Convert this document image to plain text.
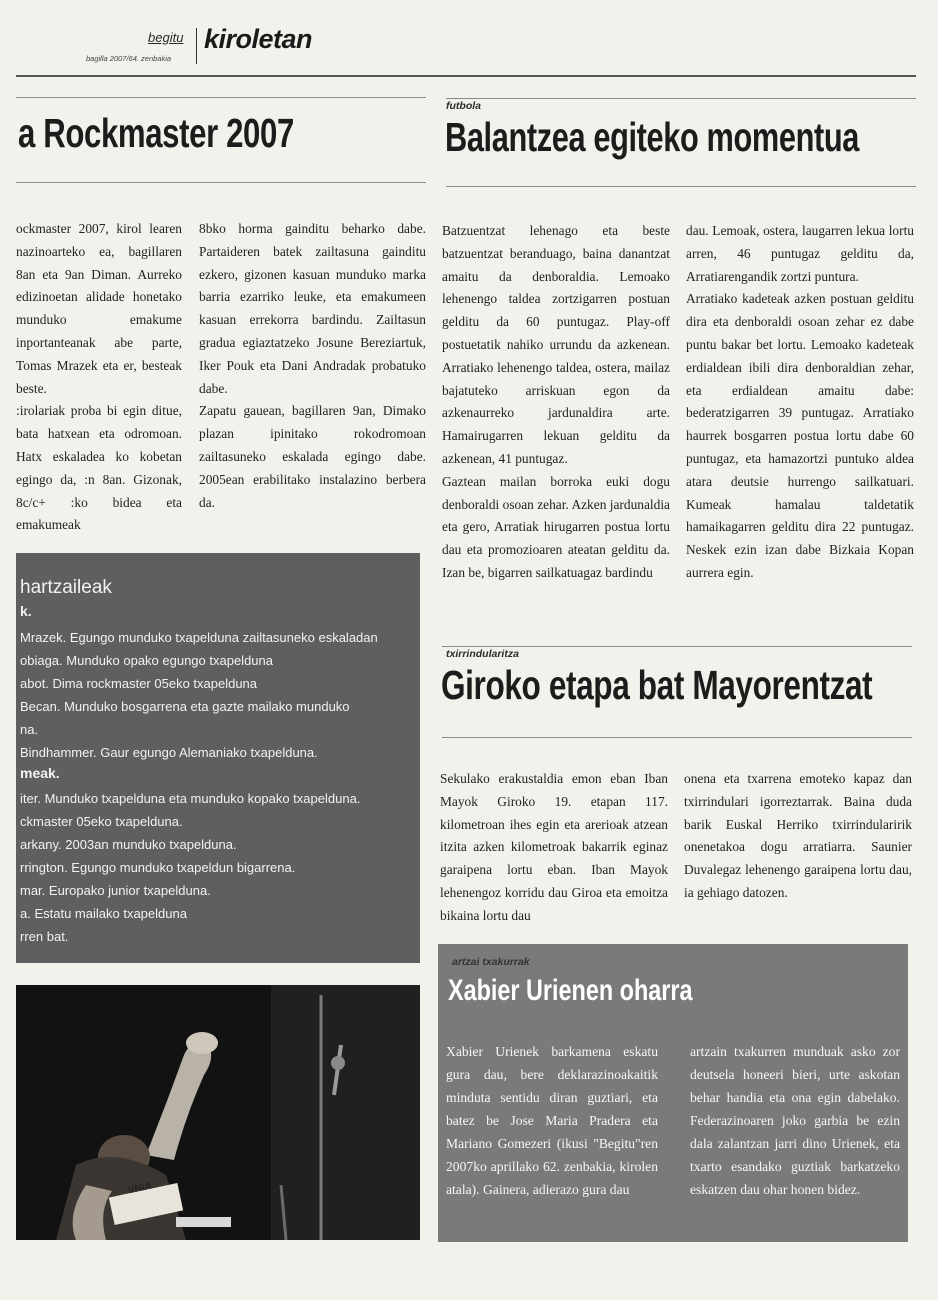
begitu
bagilla 2007/64. zenbakia
kiroletan
a Rockmaster 2007

ockmaster 2007, kirol learen nazinoarteko ea, bagillaren 8an eta 9an Diman. Aurreko edizinoetan alidade honetako munduko emakume inportanteanak abe parte, Tomas Mrazek eta er, besteak beste.

:irolariak proba bi egin ditue, bata hatxean eta odromoan. Hatx eskaladea ko kobetan egingo da, :n 8an. Gizonak, 8c/c+ :ko bidea eta emakumeak

8bko horma gainditu beharko dabe. Partaideren batek zailtasuna gainditu ezkero, gizonen kasuan munduko marka barria ezarriko leuke, eta emakumeen kasuan errekorra bardindu. Zailtasun gradua egiaztatzeko Josune Bereziartuk, Iker Pouk eta Dani Andradak probatuko dabe.

Zapatu gauean, bagillaren 9an, Dimako plazan ipinitako rokodromoan zailtasuneko eskalada egingo dabe. 2005ean erabilitako instalazino berbera da.

hartzaileak
k.
Mrazek. Egungo munduko txapelduna zailtasuneko eskaladan
obiaga. Munduko opako egungo txapelduna
abot. Dima rockmaster 05eko txapelduna
Becan. Munduko bosgarrena eta gazte mailako munduko
na.
Bindhammer. Gaur egungo Alemaniako txapelduna.
meak.
iter. Munduko txapelduna eta munduko kopako txapelduna.
ckmaster 05eko txapelduna.
arkany. 2003an munduko txapelduna.
rrington. Egungo munduko txapeldun bigarrena.
mar. Europako junior txapelduna.
a. Estatu mailako txapelduna
rren bat.
VNIA
futbola
Balantzea egiteko momentua

Batzuentzat lehenago eta beste batzuentzat beranduago, baina danantzat amaitu da denboraldia. Lemoako lehenengo taldea zortzigarren postuan gelditu da 60 puntugaz. Play-off postuetatik nahiko urrundu da azkenean. Arratiako lehenengo taldea, ostera, mailaz bajatuteko arriskuan egon da azkenaurreko jardunaldira arte. Hamairugarren lekuan gelditu da azkenean, 41 puntugaz.

Gaztean mailan borroka euki dogu denboraldi osoan zehar. Azken jardunaldia eta gero, Arratiak hirugarren postua lortu dau eta promozioaren ateatan gelditu da. Izan be, bigarren sailkatuagaz bardindu

dau. Lemoak, ostera, laugarren lekua lortu arren, 46 puntugaz gelditu da, Arratiarengandik zortzi puntura.

Arratiako kadeteak azken postuan gelditu dira eta denboraldi osoan zehar ez dabe puntu bakar bet lortu. Lemoako kadeteak erdialdean ibili dira denboraldian zehar, eta erdialdean amaitu dabe: bederatzigarren 39 puntugaz. Arratiako haurrek bosgarren postua lortu dabe 60 puntugaz, eta hamazortzi puntuko aldea atara deutsie hurrengo sailkatuari. Kumeak hamalau taldetatik hamaikagarren gelditu dira 22 puntugaz. Neskek ezin izan dabe Bizkaia Kopan aurrera egin.

txirrindularitza
Giroko etapa bat Mayorentzat

Sekulako erakustaldia emon eban Iban Mayok Giroko 19. etapan 117. kilometroan ihes egin eta arerioak atzean itzita azken kilometroak bakarrik eginaz garaipena lortu eban. Iban Mayok lehenengoz korridu dau Giroa eta emoitza bikaina lortu dau

onena eta txarrena emoteko kapaz dan txirrindulari igorreztarrak. Baina duda barik Euskal Herriko txirrindularirik onenetakoa dogu arratiarra. Saunier Duvalegaz lehenengo garaipena lortu dau, ia gehiago datozen.

artzai txakurrak
Xabier Urienen oharra
Xabier Urienek barkamena eskatu gura dau, bere deklarazinoakaitik minduta sentidu diran guztiari, eta batez be Jose Maria Pradera eta Mariano Gomezeri (ikusi "Begitu"ren 2007ko aprillako 62. zenbakia, kirolen atala). Gainera, adierazo gura dau
artzain txakurren munduak asko zor deutsela honeeri bieri, urte askotan behar handia eta ona egin dabelako. Federazinoaren joko garbia be ezin dala zalantzan jarri dino Urienek, eta txarto esandako guztiak barkatzeko eskatzen dau ohar honen bidez.
